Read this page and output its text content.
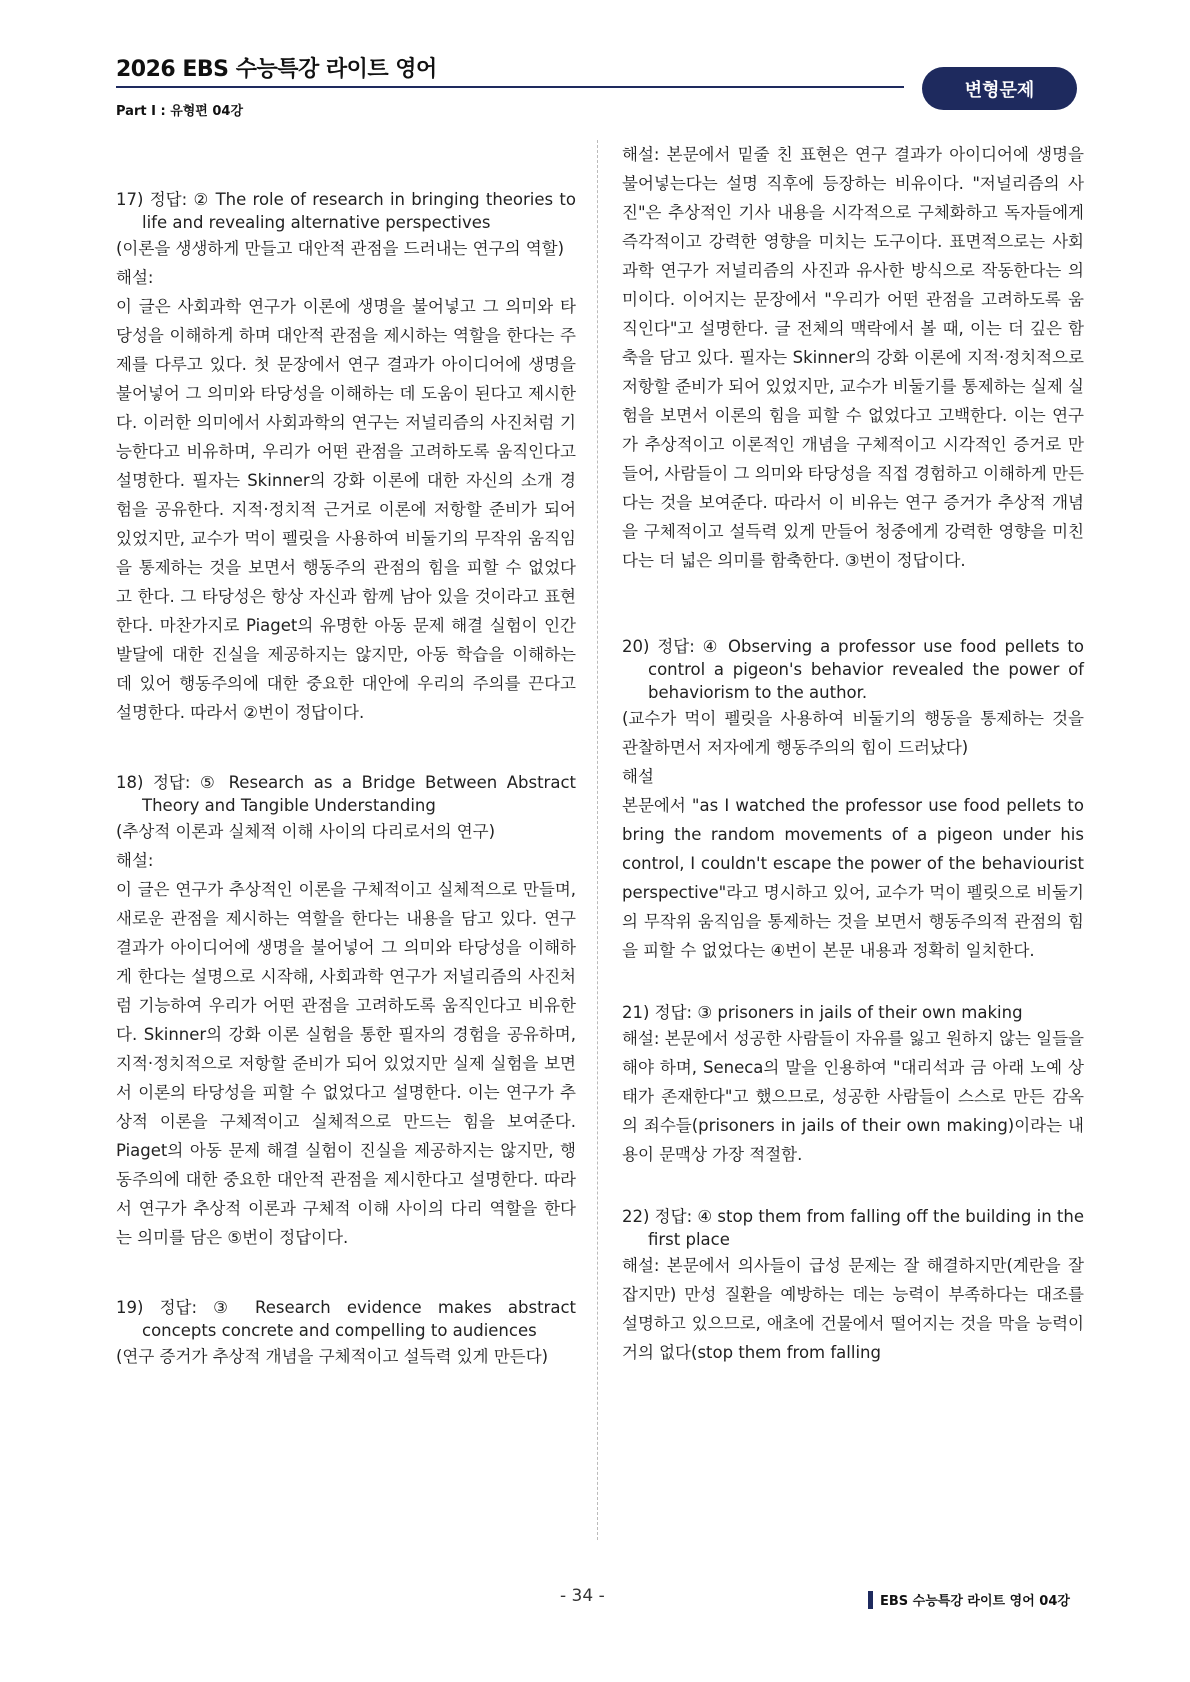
2026 EBS 수능특강 라이트 영어
Part Ⅰ : 유형편 04강
변형문제
17) 정답: ② The role of research in bringing theories to life and revealing alternative perspectives
(이론을 생생하게 만들고 대안적 관점을 드러내는 연구의 역할)
해설:
이 글은 사회과학 연구가 이론에 생명을 불어넣고 그 의미와 타당성을 이해하게 하며 대안적 관점을 제시하는 역할을 한다는 주제를 다루고 있다. 첫 문장에서 연구 결과가 아이디어에 생명을 불어넣어 그 의미와 타당성을 이해하는 데 도움이 된다고 제시한다. 이러한 의미에서 사회과학의 연구는 저널리즘의 사진처럼 기능한다고 비유하며, 우리가 어떤 관점을 고려하도록 움직인다고 설명한다. 필자는 Skinner의 강화 이론에 대한 자신의 소개 경험을 공유한다. 지적·정치적 근거로 이론에 저항할 준비가 되어 있었지만, 교수가 먹이 펠릿을 사용하여 비둘기의 무작위 움직임을 통제하는 것을 보면서 행동주의 관점의 힘을 피할 수 없었다고 한다. 그 타당성은 항상 자신과 함께 남아 있을 것이라고 표현한다. 마찬가지로 Piaget의 유명한 아동 문제 해결 실험이 인간 발달에 대한 진실을 제공하지는 않지만, 아동 학습을 이해하는 데 있어 행동주의에 대한 중요한 대안에 우리의 주의를 끈다고 설명한다. 따라서 ②번이 정답이다.
18) 정답: ⑤ Research as a Bridge Between Abstract Theory and Tangible Understanding
(추상적 이론과 실체적 이해 사이의 다리로서의 연구)
해설:
이 글은 연구가 추상적인 이론을 구체적이고 실체적으로 만들며, 새로운 관점을 제시하는 역할을 한다는 내용을 담고 있다. 연구 결과가 아이디어에 생명을 불어넣어 그 의미와 타당성을 이해하게 한다는 설명으로 시작해, 사회과학 연구가 저널리즘의 사진처럼 기능하여 우리가 어떤 관점을 고려하도록 움직인다고 비유한다. Skinner의 강화 이론 실험을 통한 필자의 경험을 공유하며, 지적·정치적으로 저항할 준비가 되어 있었지만 실제 실험을 보면서 이론의 타당성을 피할 수 없었다고 설명한다. 이는 연구가 추상적 이론을 구체적이고 실체적으로 만드는 힘을 보여준다. Piaget의 아동 문제 해결 실험이 진실을 제공하지는 않지만, 행동주의에 대한 중요한 대안적 관점을 제시한다고 설명한다. 따라서 연구가 추상적 이론과 구체적 이해 사이의 다리 역할을 한다는 의미를 담은 ⑤번이 정답이다.
19) 정답: ③ Research evidence makes abstract concepts concrete and compelling to audiences
(연구 증거가 추상적 개념을 구체적이고 설득력 있게 만든다)
해설: 본문에서 밑줄 친 표현은 연구 결과가 아이디어에 생명을 불어넣는다는 설명 직후에 등장하는 비유이다. "저널리즘의 사진"은 추상적인 기사 내용을 시각적으로 구체화하고 독자들에게 즉각적이고 강력한 영향을 미치는 도구이다. 표면적으로는 사회과학 연구가 저널리즘의 사진과 유사한 방식으로 작동한다는 의미이다. 이어지는 문장에서 "우리가 어떤 관점을 고려하도록 움직인다"고 설명한다. 글 전체의 맥락에서 볼 때, 이는 더 깊은 함축을 담고 있다. 필자는 Skinner의 강화 이론에 지적·정치적으로 저항할 준비가 되어 있었지만, 교수가 비둘기를 통제하는 실제 실험을 보면서 이론의 힘을 피할 수 없었다고 고백한다. 이는 연구가 추상적이고 이론적인 개념을 구체적이고 시각적인 증거로 만들어, 사람들이 그 의미와 타당성을 직접 경험하고 이해하게 만든다는 것을 보여준다. 따라서 이 비유는 연구 증거가 추상적 개념을 구체적이고 설득력 있게 만들어 청중에게 강력한 영향을 미친다는 더 넓은 의미를 함축한다. ③번이 정답이다.
20) 정답: ④ Observing a professor use food pellets to control a pigeon's behavior revealed the power of behaviorism to the author.
(교수가 먹이 펠릿을 사용하여 비둘기의 행동을 통제하는 것을 관찰하면서 저자에게 행동주의의 힘이 드러났다)
해설
본문에서 "as I watched the professor use food pellets to bring the random movements of a pigeon under his control, I couldn't escape the power of the behaviourist perspective"라고 명시하고 있어, 교수가 먹이 펠릿으로 비둘기의 무작위 움직임을 통제하는 것을 보면서 행동주의적 관점의 힘을 피할 수 없었다는 ④번이 본문 내용과 정확히 일치한다.
21) 정답: ③ prisoners in jails of their own making
해설: 본문에서 성공한 사람들이 자유를 잃고 원하지 않는 일들을 해야 하며, Seneca의 말을 인용하여 "대리석과 금 아래 노예 상태가 존재한다"고 했으므로, 성공한 사람들이 스스로 만든 감옥의 죄수들(prisoners in jails of their own making)이라는 내용이 문맥상 가장 적절함.
22) 정답: ④ stop them from falling off the building in the first place
해설: 본문에서 의사들이 급성 문제는 잘 해결하지만(계란을 잘 잡지만) 만성 질환을 예방하는 데는 능력이 부족하다는 대조를 설명하고 있으므로, 애초에 건물에서 떨어지는 것을 막을 능력이 거의 없다(stop them from falling
- 34 -	EBS 수능특강 라이트 영어 04강
